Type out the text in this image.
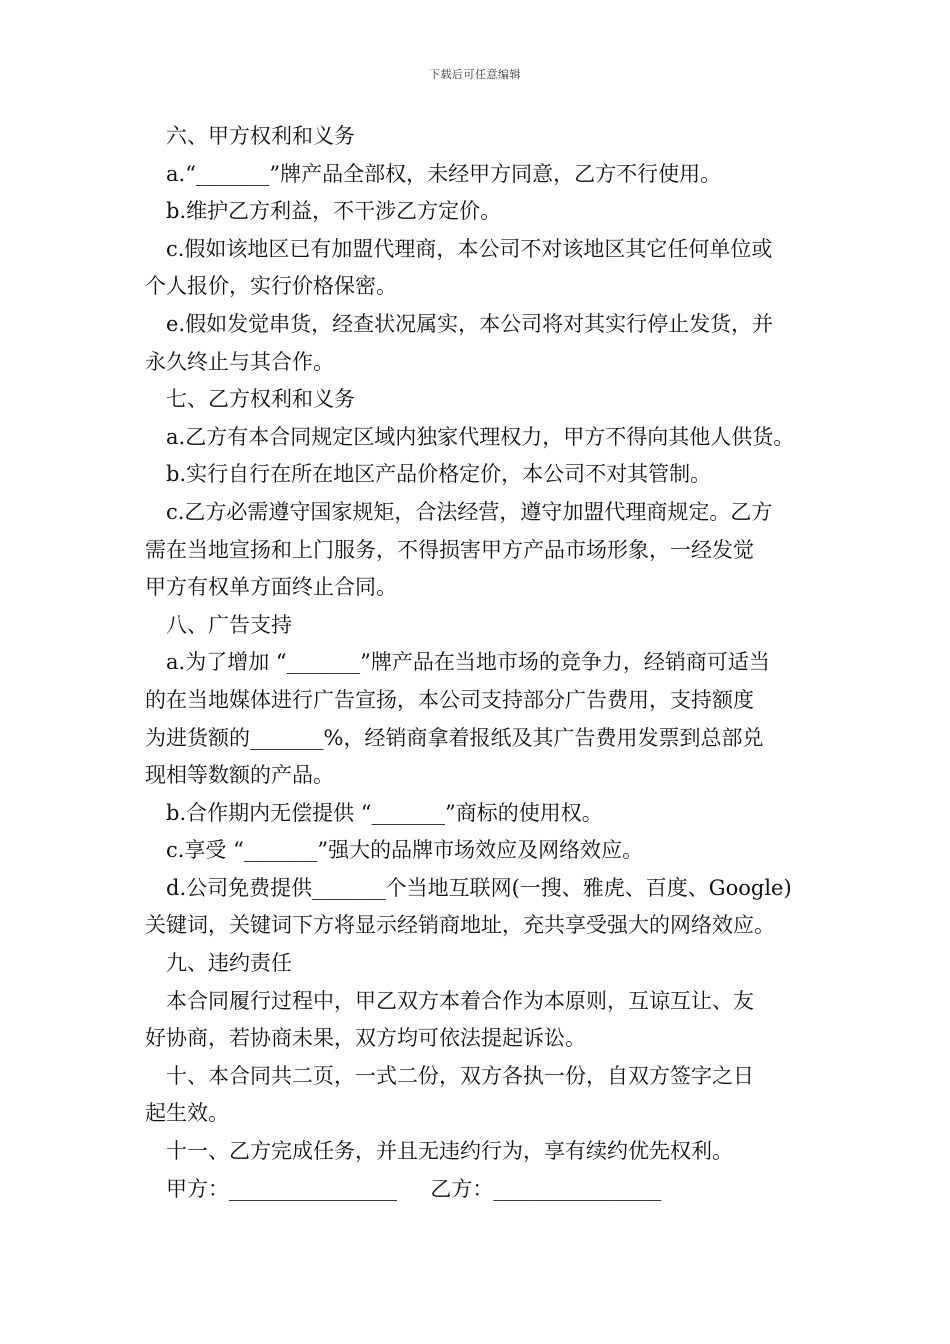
下载后可任意编辑
六、甲方权利和义务
a.“_______”牌产品全部权，未经甲方同意，乙方不行使用。
b.维护乙方利益，不干涉乙方定价。
c.假如该地区已有加盟代理商，本公司不对该地区其它任何单位或
个人报价，实行价格保密。
e.假如发觉串货，经查状况属实，本公司将对其实行停止发货，并
永久终止与其合作。
七、乙方权利和义务
a.乙方有本合同规定区域内独家代理权力，甲方不得向其他人供货。
b.实行自行在所在地区产品价格定价，本公司不对其管制。
c.乙方必需遵守国家规矩，合法经营，遵守加盟代理商规定。乙方
需在当地宣扬和上门服务，不得损害甲方产品市场形象，一经发觉
甲方有权单方面终止合同。
八、广告支持
a.为了增加 “_______”牌产品在当地市场的竞争力，经销商可适当
的在当地媒体进行广告宣扬，本公司支持部分广告费用，支持额度
为进货额的_______%，经销商拿着报纸及其广告费用发票到总部兑
现相等数额的产品。
b.合作期内无偿提供 “_______”商标的使用权。
c.享受 “_______”强大的品牌市场效应及网络效应。
d.公司免费提供_______个当地互联网(一搜、雅虎、百度、Google)
关键词，关键词下方将显示经销商地址，充共享受强大的网络效应。
九、违约责任
本合同履行过程中，甲乙双方本着合作为本原则，互谅互让、友
好协商，若协商未果，双方均可依法提起诉讼。
十、本合同共二页，一式二份，双方各执一份，自双方签字之日
起生效。
十一、乙方完成任务，并且无违约行为，享有续约优先权利。
甲方：________________     乙方：________________
